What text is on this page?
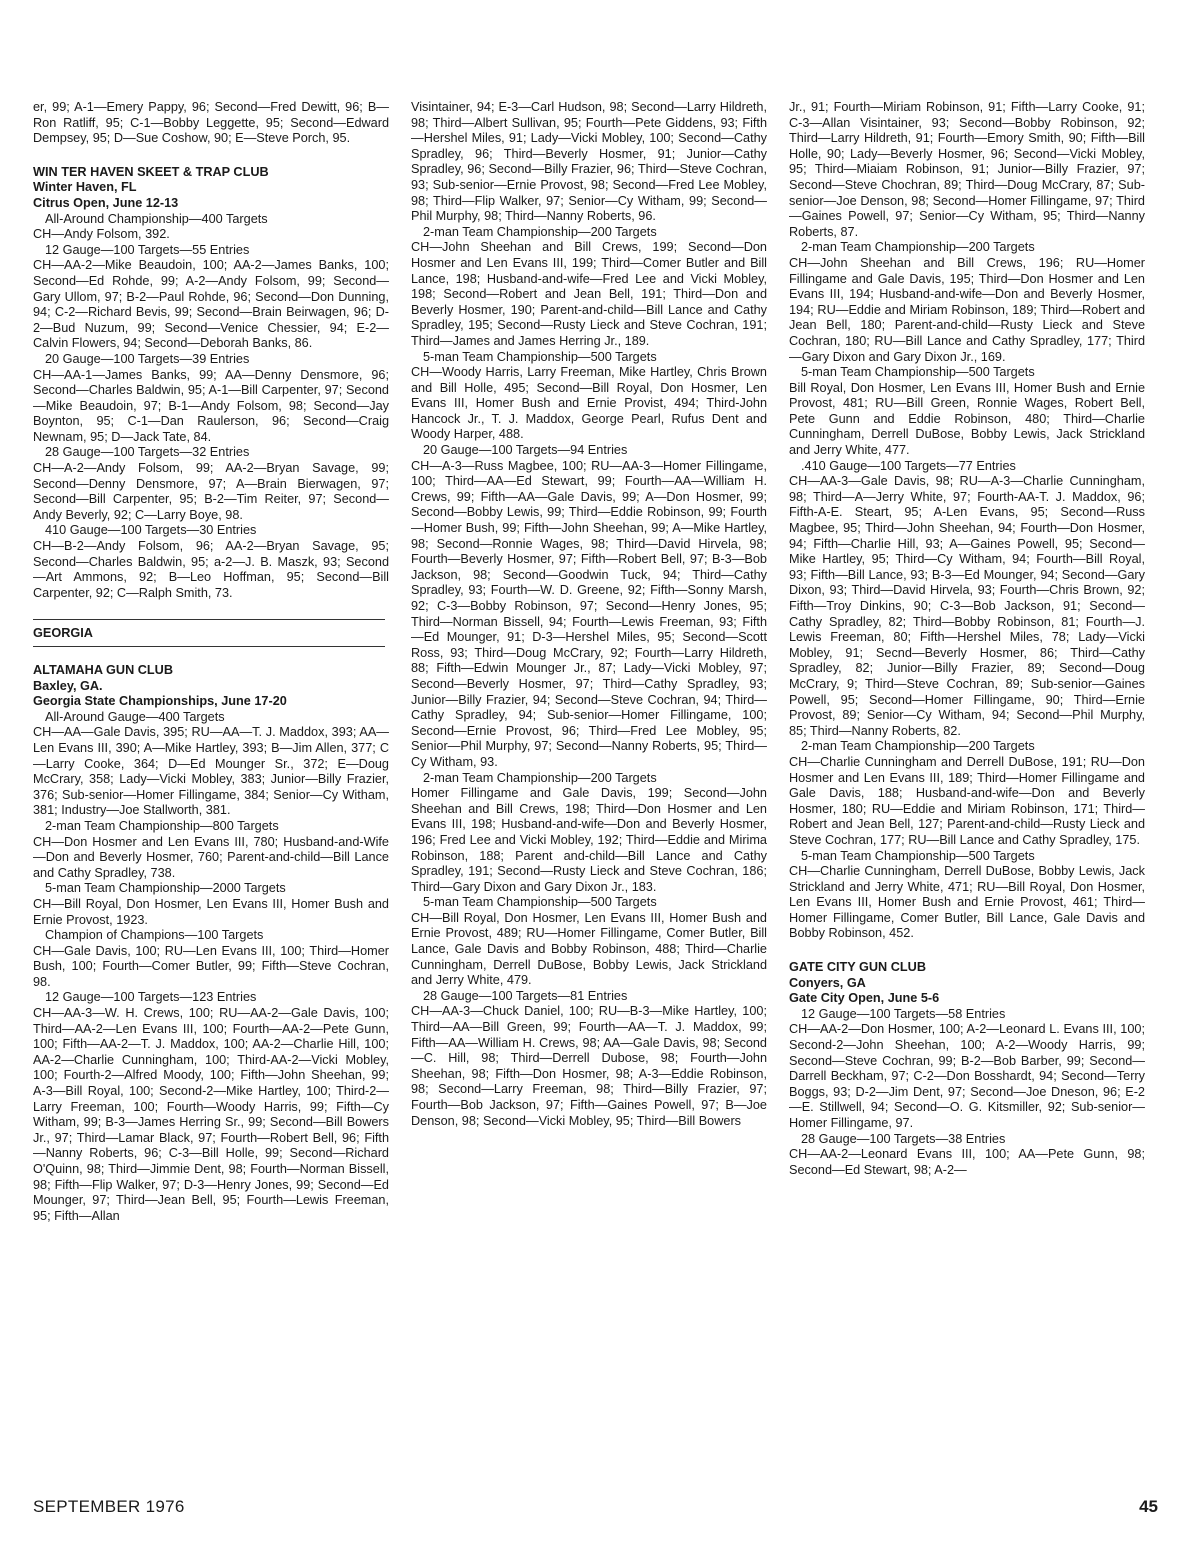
er, 99; A-1—Emery Pappy, 96; Second—Fred Dewitt, 96; B—Ron Ratliff, 95; C-1—Bobby Leggette, 95; Second—Edward Dempsey, 95; D—Sue Coshow, 90; E—Steve Porch, 95.

WIN TER HAVEN SKEET & TRAP CLUB

Winter Haven, FL

Citrus Open, June 12-13

All-Around Championship—400 Targets

CH—Andy Folsom, 392.

12 Gauge—100 Targets—55 Entries

CH—AA-2—Mike Beaudoin, 100; AA-2—James Banks, 100; Second—Ed Rohde, 99; A-2—Andy Folsom, 99; Second—Gary Ullom, 97; B-2—Paul Rohde, 96; Second—Don Dunning, 94; C-2—Richard Bevis, 99; Second—Brain Beirwagen, 96; D-2—Bud Nuzum, 99; Second—Venice Chessier, 94; E-2—Calvin Flowers, 94; Second—Deborah Banks, 86.

20 Gauge—100 Targets—39 Entries

CH—AA-1—James Banks, 99; AA—Denny Densmore, 96; Second—Charles Baldwin, 95; A-1—Bill Carpenter, 97; Second—Mike Beaudoin, 97; B-1—Andy Folsom, 98; Second—Jay Boynton, 95; C-1—Dan Raulerson, 96; Second—Craig Newnam, 95; D—Jack Tate, 84.

28 Gauge—100 Targets—32 Entries

CH—A-2—Andy Folsom, 99; AA-2—Bryan Savage, 99; Second—Denny Densmore, 97; A—Brain Bierwagen, 97; Second—Bill Carpenter, 95; B-2—Tim Reiter, 97; Second—Andy Beverly, 92; C—Larry Boye, 98.

410 Gauge—100 Targets—30 Entries

CH—B-2—Andy Folsom, 96; AA-2—Bryan Savage, 95; Second—Charles Baldwin, 95; a-2—J. B. Maszk, 93; Second—Art Ammons, 92; B—Leo Hoffman, 95; Second—Bill Carpenter, 92; C—Ralph Smith, 73.

GEORGIA

ALTAMAHA GUN CLUB

Baxley, GA.

Georgia State Championships, June 17-20

All-Around Gauge—400 Targets

CH—AA—Gale Davis, 395; RU—AA—T. J. Maddox, 393; AA—Len Evans III, 390; A—Mike Hartley, 393; B—Jim Allen, 377; C—Larry Cooke, 364; D—Ed Mounger Sr., 372; E—Doug McCrary, 358; Lady—Vicki Mobley, 383; Junior—Billy Frazier, 376; Sub-senior—Homer Fillingame, 384; Senior—Cy Witham, 381; Industry—Joe Stallworth, 381.

2-man Team Championship—800 Targets

CH—Don Hosmer and Len Evans III, 780; Husband-and-Wife—Don and Beverly Hosmer, 760; Parent-and-child—Bill Lance and Cathy Spradley, 738.

5-man Team Championship—2000 Targets

CH—Bill Royal, Don Hosmer, Len Evans III, Homer Bush and Ernie Provost, 1923.

Champion of Champions—100 Targets

CH—Gale Davis, 100; RU—Len Evans III, 100; Third—Homer Bush, 100; Fourth—Comer Butler, 99; Fifth—Steve Cochran, 98.

12 Gauge—100 Targets—123 Entries

CH—AA-3—W. H. Crews, 100; RU—AA-2—Gale Davis, 100; Third—AA-2—Len Evans III, 100; Fourth—AA-2—Pete Gunn, 100; Fifth—AA-2—T. J. Maddox, 100; AA-2—Charlie Hill, 100; AA-2—Charlie Cunningham, 100; Third-AA-2—Vicki Mobley, 100; Fourth-2—Alfred Moody, 100; Fifth—John Sheehan, 99; A-3—Bill Royal, 100; Second-2—Mike Hartley, 100; Third-2—Larry Freeman, 100; Fourth—Woody Harris, 99; Fifth—Cy Witham, 99; B-3—James Herring Sr., 99; Second—Bill Bowers Jr., 97; Third—Lamar Black, 97; Fourth—Robert Bell, 96; Fifth—Nanny Roberts, 96; C-3—Bill Holle, 99; Second—Richard O'Quinn, 98; Third—Jimmie Dent, 98; Fourth—Norman Bissell, 98; Fifth—Flip Walker, 97; D-3—Henry Jones, 99; Second—Ed Mounger, 97; Third—Jean Bell, 95; Fourth—Lewis Freeman, 95; Fifth—Allan

Visintainer, 94; E-3—Carl Hudson, 98; Second—Larry Hildreth, 98; Third—Albert Sullivan, 95; Fourth—Pete Giddens, 93; Fifth—Hershel Miles, 91; Lady—Vicki Mobley, 100; Second—Cathy Spradley, 96; Third—Beverly Hosmer, 91; Junior—Cathy Spradley, 96; Second—Billy Frazier, 96; Third—Steve Cochran, 93; Sub-senior—Ernie Provost, 98; Second—Fred Lee Mobley, 98; Third—Flip Walker, 97; Senior—Cy Witham, 99; Second—Phil Murphy, 98; Third—Nanny Roberts, 96.

2-man Team Championship—200 Targets

CH—John Sheehan and Bill Crews, 199; Second—Don Hosmer and Len Evans III, 199; Third—Comer Butler and Bill Lance, 198; Husband-and-wife—Fred Lee and Vicki Mobley, 198; Second—Robert and Jean Bell, 191; Third—Don and Beverly Hosmer, 190; Parent-and-child—Bill Lance and Cathy Spradley, 195; Second—Rusty Lieck and Steve Cochran, 191; Third—James and James Herring Jr., 189.

5-man Team Championship—500 Targets

CH—Woody Harris, Larry Freeman, Mike Hartley, Chris Brown and Bill Holle, 495; Second—Bill Royal, Don Hosmer, Len Evans III, Homer Bush and Ernie Provist, 494; Third-John Hancock Jr., T. J. Maddox, George Pearl, Rufus Dent and Woody Harper, 488.

20 Gauge—100 Targets—94 Entries

CH—A-3—Russ Magbee, 100; RU—AA-3—Homer Fillingame, 100; Third—AA—Ed Stewart, 99; Fourth—AA—William H. Crews, 99; Fifth—AA—Gale Davis, 99; A—Don Hosmer, 99; Second—Bobby Lewis, 99; Third—Eddie Robinson, 99; Fourth—Homer Bush, 99; Fifth—John Sheehan, 99; A—Mike Hartley, 98; Second—Ronnie Wages, 98; Third—David Hirvela, 98; Fourth—Beverly Hosmer, 97; Fifth—Robert Bell, 97; B-3—Bob Jackson, 98; Second—Goodwin Tuck, 94; Third—Cathy Spradley, 93; Fourth—W. D. Greene, 92; Fifth—Sonny Marsh, 92; C-3—Bobby Robinson, 97; Second—Henry Jones, 95; Third—Norman Bissell, 94; Fourth—Lewis Freeman, 93; Fifth—Ed Mounger, 91; D-3—Hershel Miles, 95; Second—Scott Ross, 93; Third—Doug McCrary, 92; Fourth—Larry Hildreth, 88; Fifth—Edwin Mounger Jr., 87; Lady—Vicki Mobley, 97; Second—Beverly Hosmer, 97; Third—Cathy Spradley, 93; Junior—Billy Frazier, 94; Second—Steve Cochran, 94; Third—Cathy Spradley, 94; Sub-senior—Homer Fillingame, 100; Second—Ernie Provost, 96; Third—Fred Lee Mobley, 95; Senior—Phil Murphy, 97; Second—Nanny Roberts, 95; Third—Cy Witham, 93.

2-man Team Championship—200 Targets

Homer Fillingame and Gale Davis, 199; Second—John Sheehan and Bill Crews, 198; Third—Don Hosmer and Len Evans III, 198; Husband-and-wife—Don and Beverly Hosmer, 196; Fred Lee and Vicki Mobley, 192; Third—Eddie and Mirima Robinson, 188; Parent and-child—Bill Lance and Cathy Spradley, 191; Second—Rusty Lieck and Steve Cochran, 186; Third—Gary Dixon and Gary Dixon Jr., 183.

5-man Team Championship—500 Targets

CH—Bill Royal, Don Hosmer, Len Evans III, Homer Bush and Ernie Provost, 489; RU—Homer Fillingame, Comer Butler, Bill Lance, Gale Davis and Bobby Robinson, 488; Third—Charlie Cunningham, Derrell DuBose, Bobby Lewis, Jack Strickland and Jerry White, 479.

28 Gauge—100 Targets—81 Entries

CH—AA-3—Chuck Daniel, 100; RU—B-3—Mike Hartley, 100; Third—AA—Bill Green, 99; Fourth—AA—T. J. Maddox, 99; Fifth—AA—William H. Crews, 98; AA—Gale Davis, 98; Second—C. Hill, 98; Third—Derrell Dubose, 98; Fourth—John Sheehan, 98; Fifth—Don Hosmer, 98; A-3—Eddie Robinson, 98; Second—Larry Freeman, 98; Third—Billy Frazier, 97; Fourth—Bob Jackson, 97; Fifth—Gaines Powell, 97; B—Joe Denson, 98; Second—Vicki Mobley, 95; Third—Bill Bowers

Jr., 91; Fourth—Miriam Robinson, 91; Fifth—Larry Cooke, 91; C-3—Allan Visintainer, 93; Second—Bobby Robinson, 92; Third—Larry Hildreth, 91; Fourth—Emory Smith, 90; Fifth—Bill Holle, 90; Lady—Beverly Hosmer, 96; Second—Vicki Mobley, 95; Third—Miaiam Robinson, 91; Junior—Billy Frazier, 97; Second—Steve Chochran, 89; Third—Doug McCrary, 87; Sub-senior—Joe Denson, 98; Second—Homer Fillingame, 97; Third—Gaines Powell, 97; Senior—Cy Witham, 95; Third—Nanny Roberts, 87.

2-man Team Championship—200 Targets

CH—John Sheehan and Bill Crews, 196; RU—Homer Fillingame and Gale Davis, 195; Third—Don Hosmer and Len Evans III, 194; Husband-and-wife—Don and Beverly Hosmer, 194; RU—Eddie and Miriam Robinson, 189; Third—Robert and Jean Bell, 180; Parent-and-child—Rusty Lieck and Steve Cochran, 180; RU—Bill Lance and Cathy Spradley, 177; Third—Gary Dixon and Gary Dixon Jr., 169.

5-man Team Championship—500 Targets

Bill Royal, Don Hosmer, Len Evans III, Homer Bush and Ernie Provost, 481; RU—Bill Green, Ronnie Wages, Robert Bell, Pete Gunn and Eddie Robinson, 480; Third—Charlie Cunningham, Derrell DuBose, Bobby Lewis, Jack Strickland and Jerry White, 477.

.410 Gauge—100 Targets—77 Entries

CH—AA-3—Gale Davis, 98; RU—A-3—Charlie Cunningham, 98; Third—A—Jerry White, 97; Fourth-AA-T. J. Maddox, 96; Fifth-A-E. Steart, 95; A-Len Evans, 95; Second—Russ Magbee, 95; Third—John Sheehan, 94; Fourth—Don Hosmer, 94; Fifth—Charlie Hill, 93; A—Gaines Powell, 95; Second—Mike Hartley, 95; Third—Cy Witham, 94; Fourth—Bill Royal, 93; Fifth—Bill Lance, 93; B-3—Ed Mounger, 94; Second—Gary Dixon, 93; Third—David Hirvela, 93; Fourth—Chris Brown, 92; Fifth—Troy Dinkins, 90; C-3—Bob Jackson, 91; Second—Cathy Spradley, 82; Third—Bobby Robinson, 81; Fourth—J. Lewis Freeman, 80; Fifth—Hershel Miles, 78; Lady—Vicki Mobley, 91; Secnd—Beverly Hosmer, 86; Third—Cathy Spradley, 82; Junior—Billy Frazier, 89; Second—Doug McCrary, 9; Third—Steve Cochran, 89; Sub-senior—Gaines Powell, 95; Second—Homer Fillingame, 90; Third—Ernie Provost, 89; Senior—Cy Witham, 94; Second—Phil Murphy, 85; Third—Nanny Roberts, 82.

2-man Team Championship—200 Targets

CH—Charlie Cunningham and Derrell DuBose, 191; RU—Don Hosmer and Len Evans III, 189; Third—Homer Fillingame and Gale Davis, 188; Husband-and-wife—Don and Beverly Hosmer, 180; RU—Eddie and Miriam Robinson, 171; Third—Robert and Jean Bell, 127; Parent-and-child—Rusty Lieck and Steve Cochran, 177; RU—Bill Lance and Cathy Spradley, 175.

5-man Team Championship—500 Targets

CH—Charlie Cunningham, Derrell DuBose, Bobby Lewis, Jack Strickland and Jerry White, 471; RU—Bill Royal, Don Hosmer, Len Evans III, Homer Bush and Ernie Provost, 461; Third—Homer Fillingame, Comer Butler, Bill Lance, Gale Davis and Bobby Robinson, 452.

GATE CITY GUN CLUB

Conyers, GA

Gate City Open, June 5-6

12 Gauge—100 Targets—58 Entries

CH—AA-2—Don Hosmer, 100; A-2—Leonard L. Evans III, 100; Second-2—John Sheehan, 100; A-2—Woody Harris, 99; Second—Steve Cochran, 99; B-2—Bob Barber, 99; Second—Darrell Beckham, 97; C-2—Don Bosshardt, 94; Second—Terry Boggs, 93; D-2—Jim Dent, 97; Second—Joe Dneson, 96; E-2—E. Stillwell, 94; Second—O. G. Kitsmiller, 92; Sub-senior—Homer Fillingame, 97.

28 Gauge—100 Targets—38 Entries

CH—AA-2—Leonard Evans III, 100; AA—Pete Gunn, 98; Second—Ed Stewart, 98; A-2—

SEPTEMBER 1976	45
